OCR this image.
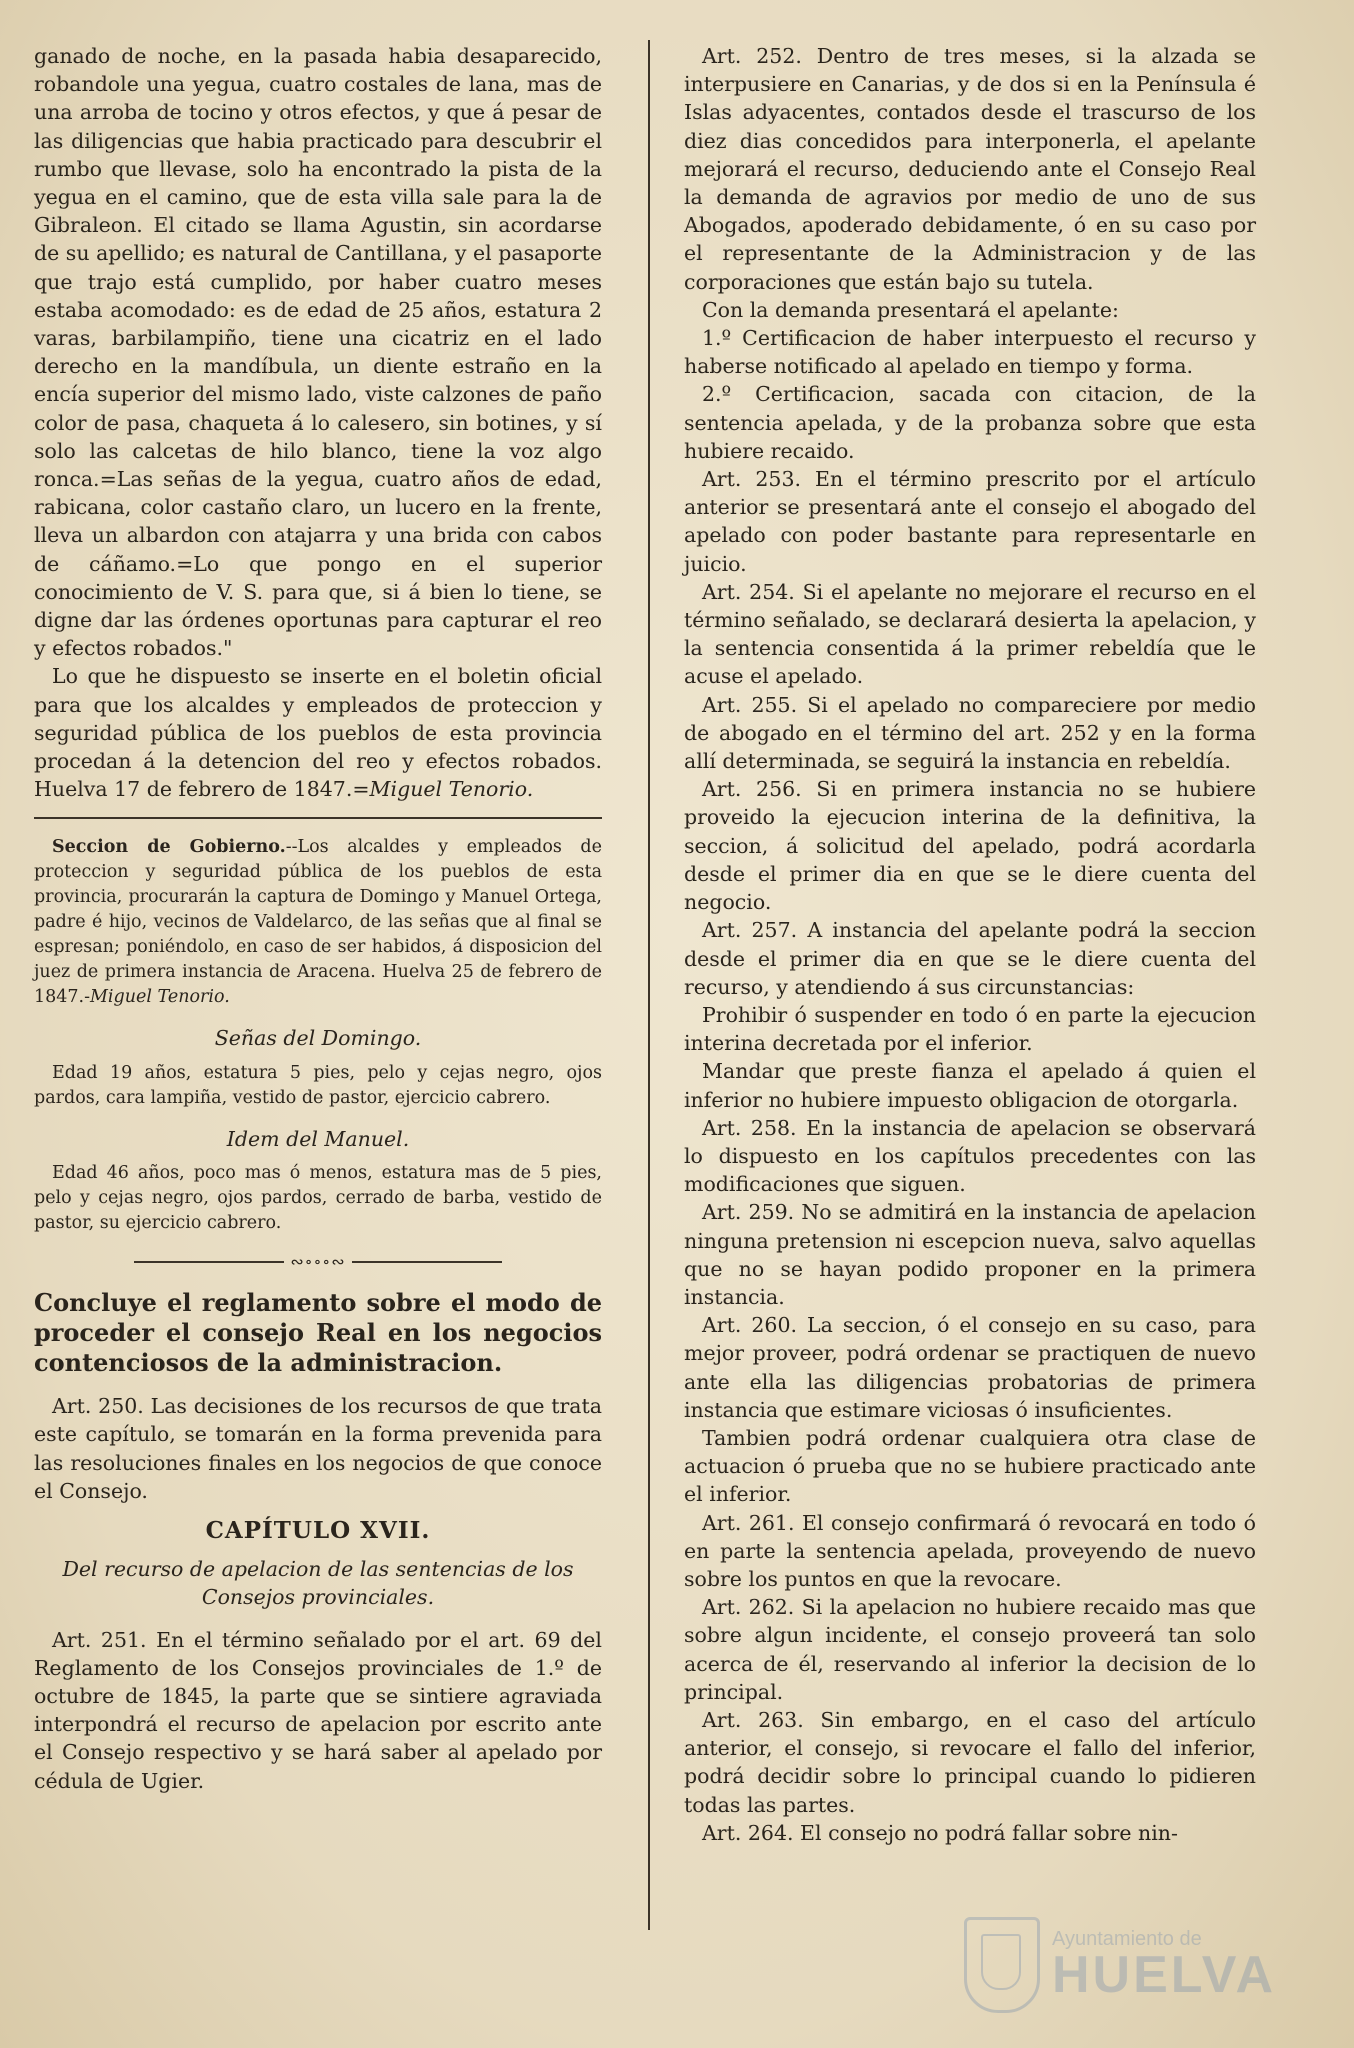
ganado de noche, en la pasada habia desaparecido, robandole una yegua, cuatro costales de lana, mas de una arroba de tocino y otros efectos, y que á pesar de las diligencias que habia practicado para descubrir el rumbo que llevase, solo ha encontrado la pista de la yegua en el camino, que de esta villa sale para la de Gibraleon. El citado se llama Agustin, sin acordarse de su apellido; es natural de Cantillana, y el pasaporte que trajo está cumplido, por haber cuatro meses estaba acomodado: es de edad de 25 años, estatura 2 varas, barbilampiño, tiene una cicatriz en el lado derecho en la mandíbula, un diente estraño en la encía superior del mismo lado, viste calzones de paño color de pasa, chaqueta á lo calesero, sin botines, y sí solo las calcetas de hilo blanco, tiene la voz algo ronca.=Las señas de la yegua, cuatro años de edad, rabicana, color castaño claro, un lucero en la frente, lleva un albardon con atajarra y una brida con cabos de cáñamo.=Lo que pongo en el superior conocimiento de V. S. para que, si á bien lo tiene, se digne dar las órdenes oportunas para capturar el reo y efectos robados."

Lo que he dispuesto se inserte en el boletin oficial para que los alcaldes y empleados de proteccion y seguridad pública de los pueblos de esta provincia procedan á la detencion del reo y efectos robados. Huelva 17 de febrero de 1847.=Miguel Tenorio.

Seccion de Gobierno.--Los alcaldes y empleados de proteccion y seguridad pública de los pueblos de esta provincia, procurarán la captura de Domingo y Manuel Ortega, padre é hijo, vecinos de Valdelarco, de las señas que al final se espresan; poniéndolo, en caso de ser habidos, á disposicion del juez de primera instancia de Aracena. Huelva 25 de febrero de 1847.-Miguel Tenorio.

Señas del Domingo.

Edad 19 años, estatura 5 pies, pelo y cejas negro, ojos pardos, cara lampiña, vestido de pastor, ejercicio cabrero.

Idem del Manuel.

Edad 46 años, poco mas ó menos, estatura mas de 5 pies, pelo y cejas negro, ojos pardos, cerrado de barba, vestido de pastor, su ejercicio cabrero.

∾∘∘∘∾

Concluye el reglamento sobre el modo de proceder el consejo Real en los negocios contenciosos de la administracion.

Art. 250. Las decisiones de los recursos de que trata este capítulo, se tomarán en la forma prevenida para las resoluciones finales en los negocios de que conoce el Consejo.

CAPÍTULO XVII.

Del recurso de apelacion de las sentencias de los Consejos provinciales.

Art. 251. En el término señalado por el art. 69 del Reglamento de los Consejos provinciales de 1.º de octubre de 1845, la parte que se sintiere agraviada interpondrá el recurso de apelacion por escrito ante el Consejo respectivo y se hará saber al apelado por cédula de Ugier.

Art. 252. Dentro de tres meses, si la alzada se interpusiere en Canarias, y de dos si en la Península é Islas adyacentes, contados desde el trascurso de los diez dias concedidos para interponerla, el apelante mejorará el recurso, deduciendo ante el Consejo Real la demanda de agravios por medio de uno de sus Abogados, apoderado debidamente, ó en su caso por el representante de la Administracion y de las corporaciones que están bajo su tutela.

Con la demanda presentará el apelante:

1.º Certificacion de haber interpuesto el recurso y haberse notificado al apelado en tiempo y forma.

2.º Certificacion, sacada con citacion, de la sentencia apelada, y de la probanza sobre que esta hubiere recaido.

Art. 253. En el término prescrito por el artículo anterior se presentará ante el consejo el abogado del apelado con poder bastante para representarle en juicio.

Art. 254. Si el apelante no mejorare el recurso en el término señalado, se declarará desierta la apelacion, y la sentencia consentida á la primer rebeldía que le acuse el apelado.

Art. 255. Si el apelado no compareciere por medio de abogado en el término del art. 252 y en la forma allí determinada, se seguirá la instancia en rebeldía.

Art. 256. Si en primera instancia no se hubiere proveido la ejecucion interina de la definitiva, la seccion, á solicitud del apelado, podrá acordarla desde el primer dia en que se le diere cuenta del negocio.

Art. 257. A instancia del apelante podrá la seccion desde el primer dia en que se le diere cuenta del recurso, y atendiendo á sus circunstancias:

Prohibir ó suspender en todo ó en parte la ejecucion interina decretada por el inferior.

Mandar que preste fianza el apelado á quien el inferior no hubiere impuesto obligacion de otorgarla.

Art. 258. En la instancia de apelacion se observará lo dispuesto en los capítulos precedentes con las modificaciones que siguen.

Art. 259. No se admitirá en la instancia de apelacion ninguna pretension ni escepcion nueva, salvo aquellas que no se hayan podido proponer en la primera instancia.

Art. 260. La seccion, ó el consejo en su caso, para mejor proveer, podrá ordenar se practiquen de nuevo ante ella las diligencias probatorias de primera instancia que estimare viciosas ó insuficientes.

Tambien podrá ordenar cualquiera otra clase de actuacion ó prueba que no se hubiere practicado ante el inferior.

Art. 261. El consejo confirmará ó revocará en todo ó en parte la sentencia apelada, proveyendo de nuevo sobre los puntos en que la revocare.

Art. 262. Si la apelacion no hubiere recaido mas que sobre algun incidente, el consejo proveerá tan solo acerca de él, reservando al inferior la decision de lo principal.

Art. 263. Sin embargo, en el caso del artículo anterior, el consejo, si revocare el fallo del inferior, podrá decidir sobre lo principal cuando lo pidieren todas las partes.

Art. 264. El consejo no podrá fallar sobre nin-

Ayuntamiento de
HUELVA
